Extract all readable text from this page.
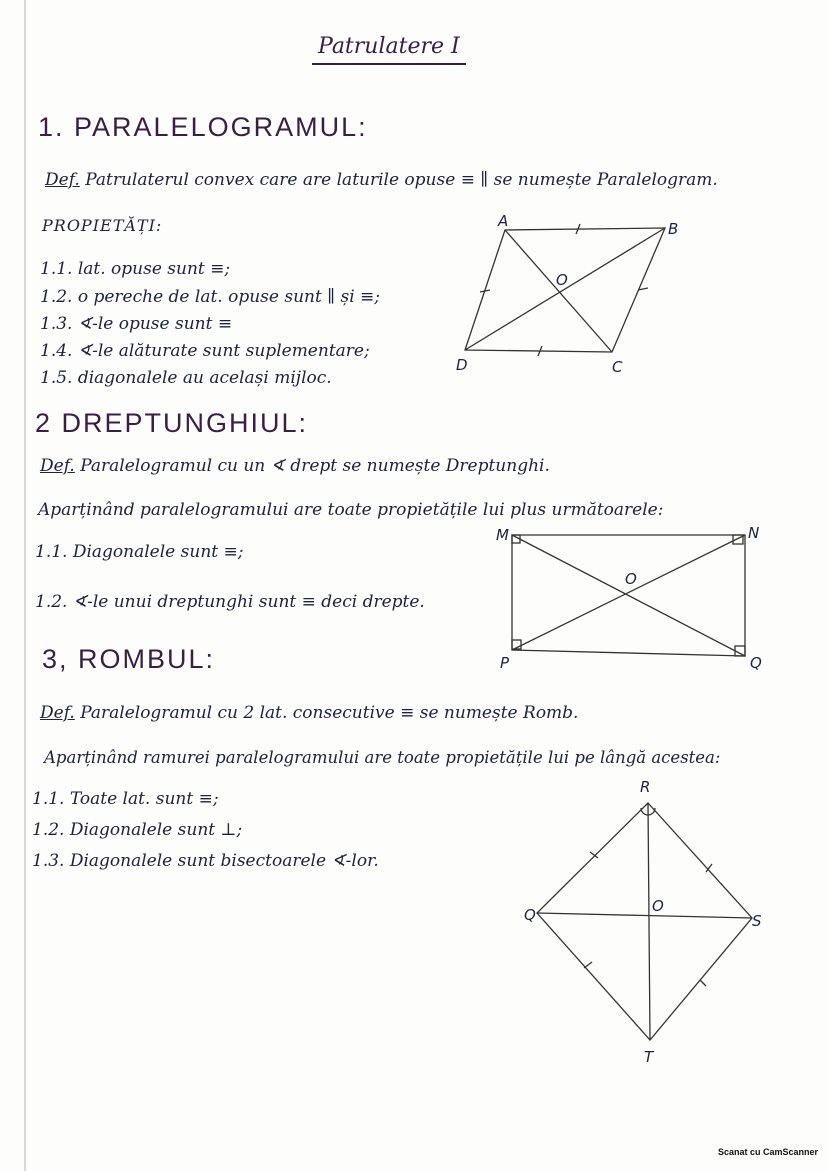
Patrulatere I
1. PARALELOGRAMUL:
Def. Patrulaterul convex care are laturile opuse ≡ ∥ se numește Paralelogram.
PROPIETĂȚI:
1.1. lat. opuse sunt ≡;
1.2. o pereche de lat. opuse sunt ∥ și ≡;
1.3. ∢-le opuse sunt ≡
1.4. ∢-le alăturate sunt suplementare;
1.5. diagonalele au același mijloc.
2 DREPTUNGHIUL:
Def. Paralelogramul cu un ∢ drept se numește Dreptunghi.
Aparținând paralelogramului are toate propietățile lui plus următoarele:
1.1. Diagonalele sunt ≡;
1.2. ∢-le unui dreptunghi sunt ≡ deci drepte.
3, ROMBUL:
Def. Paralelogramul cu 2 lat. consecutive ≡ se numește Romb.
Aparținând ramurei paralelogramului are toate propietățile lui pe lângă acestea:
1.1. Toate lat. sunt ≡;
1.2. Diagonalele sunt ⊥;
1.3. Diagonalele sunt bisectoarele ∢-lor.
A	B
C
D
O
M	N
P	Q
O
R
S
T
Q	O
Scanat cu CamScanner
